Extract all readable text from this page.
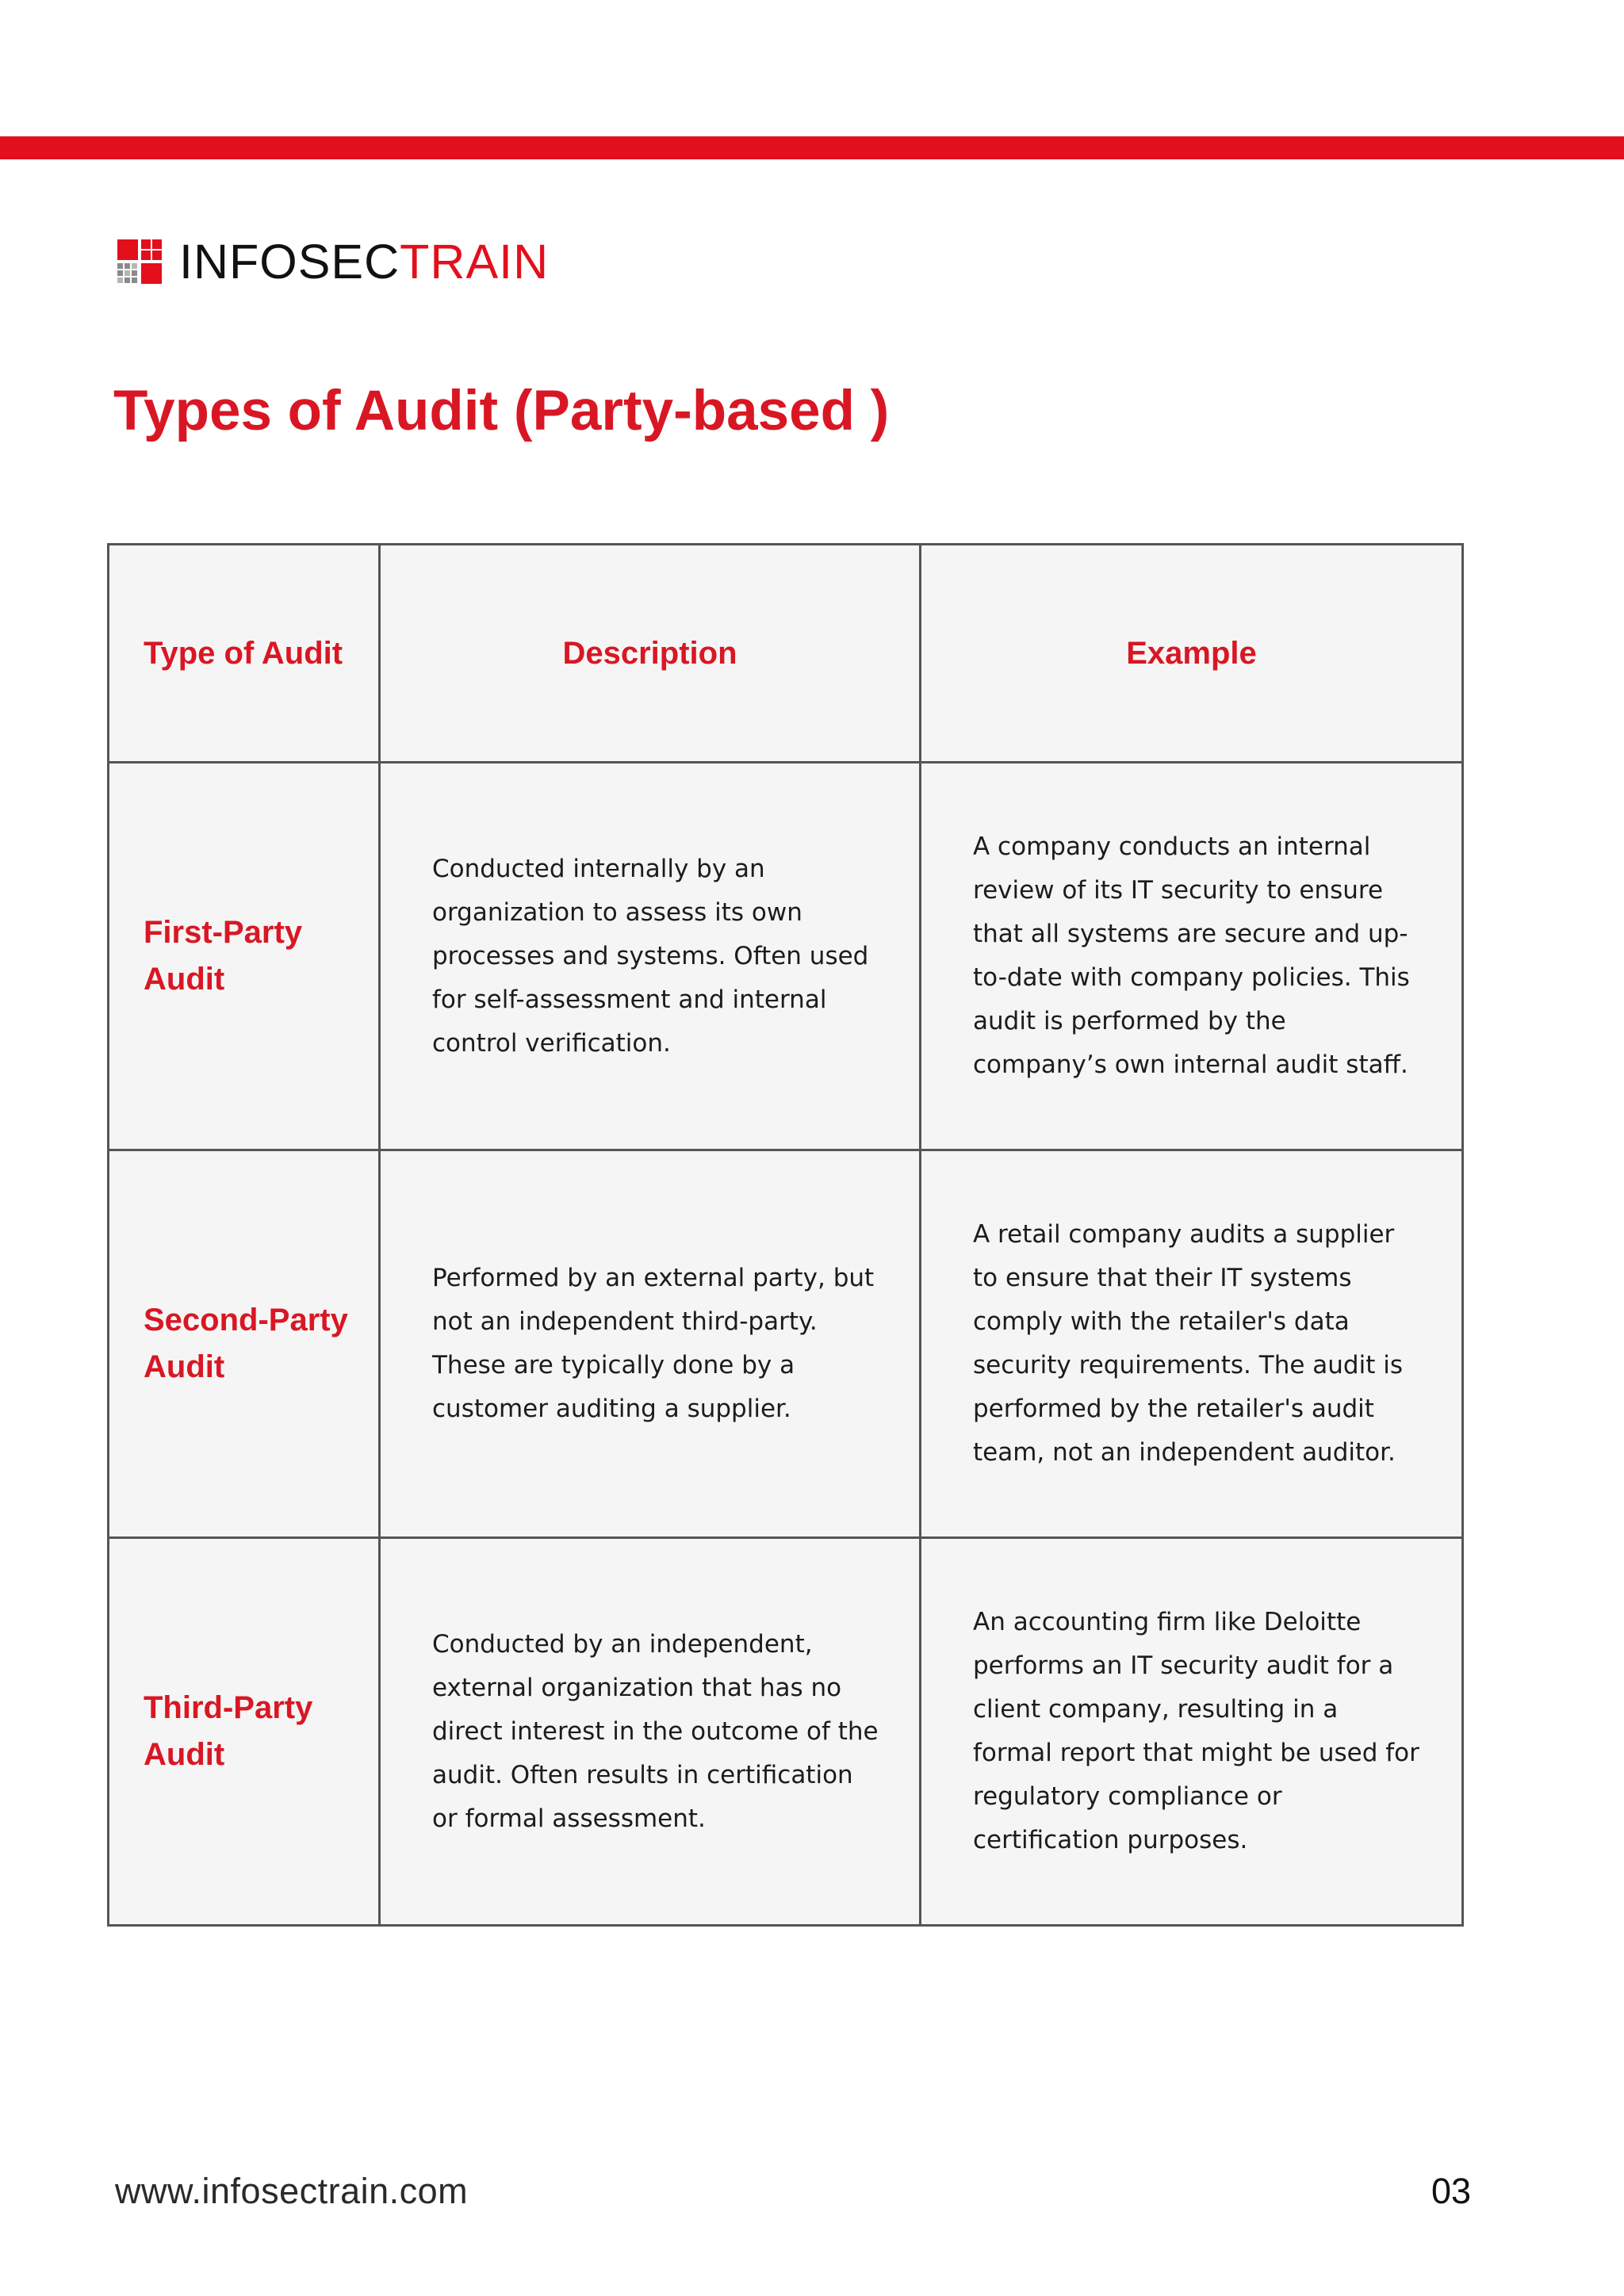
INFOSECTRAIN
Types of Audit (Party-based )
Type of Audit	Description	Example
First-Party Audit	Conducted internally by an organization to assess its own processes and systems. Often used for self-assessment and internal control verification.	A company conducts an internal review of its IT security to ensure that all systems are secure and up-to-date with company policies. This audit is performed by the company’s own internal audit staff.
Second-Party Audit	Performed by an external party, but not an independent third-party. These are typically done by a customer auditing a supplier.	A retail company audits a supplier to ensure that their IT systems comply with the retailer's data security requirements. The audit is performed by the retailer's audit team, not an independent auditor.
Third-Party Audit	Conducted by an independent, external organization that has no direct interest in the outcome of the audit. Often results in certification or formal assessment.	An accounting firm like Deloitte performs an IT security audit for a client company, resulting in a formal report that might be used for regulatory compliance or certification purposes.
www.infosectrain.com	03
